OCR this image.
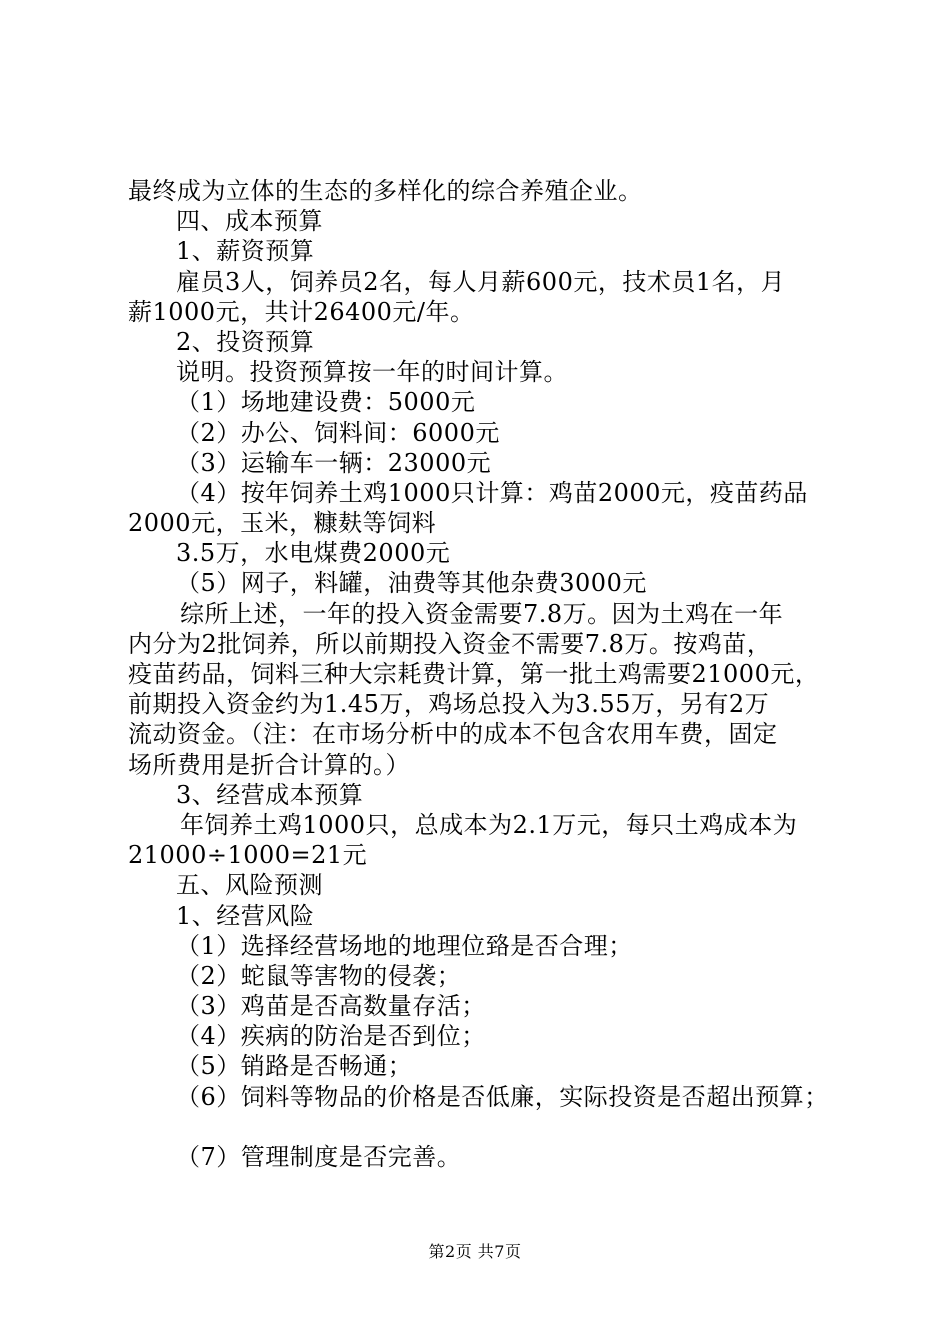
最终成为立体的生态的多样化的综合养殖企业。
四、成本预算
1、薪资预算
雇员3人，饲养员2名，每人月薪600元，技术员1名，月
薪1000元，共计26400元/年。
2、投资预算
说明。投资预算按一年的时间计算。
（1）场地建设费：5000元
（2）办公、饲料间：6000元
（3）运输车一辆：23000元
（4）按年饲养土鸡1000只计算：鸡苗2000元，疫苗药品
2000元，玉米，糠麸等饲料
3.5万，水电煤费2000元
（5）网子，料罐，油费等其他杂费3000元
综所上述，一年的投入资金需要7.8万。因为土鸡在一年
内分为2批饲养，所以前期投入资金不需要7.8万。按鸡苗，
疫苗药品，饲料三种大宗耗费计算，第一批土鸡需要21000元，
前期投入资金约为1.45万，鸡场总投入为3.55万，另有2万
流动资金。（注：在市场分析中的成本不包含农用车费，固定
场所费用是折合计算的。）
3、经营成本预算
年饲养土鸡1000只，总成本为2.1万元，每只土鸡成本为
21000÷1000=21元
五、风险预测
1、经营风险
（1）选择经营场地的地理位臵是否合理；
（2）蛇鼠等害物的侵袭；
（3）鸡苗是否高数量存活；
（4）疾病的防治是否到位；
（5）销路是否畅通；
（6）饲料等物品的价格是否低廉，实际投资是否超出预算；
（7）管理制度是否完善。
第2页 共7页
